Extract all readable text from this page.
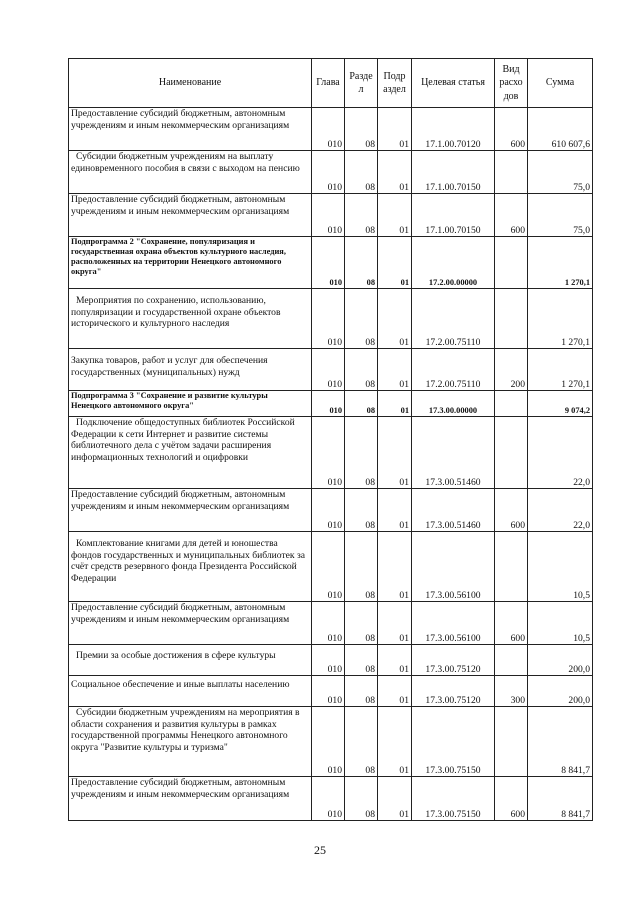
Наименование	Глава	Разде л	Подр аздел	Целевая статья	Вид расхо дов	Сумма
Предоставление субсидий бюджетным, автономным учреждениям и иным некоммерческим организациям	010	08	01	17.1.00.70120	600	610 607,6
Субсидии бюджетным учреждениям на выплату единовременного пособия в связи с выходом на пенсию	010	08	01	17.1.00.70150		75,0
Предоставление субсидий бюджетным, автономным учреждениям и иным некоммерческим организациям	010	08	01	17.1.00.70150	600	75,0
Подпрограмма 2 "Сохранение, популяризация и государственная охрана объектов культурного наследия, расположенных на территории Ненецкого автономного округа"	010	08	01	17.2.00.00000		1 270,1
Мероприятия по сохранению, использованию, популяризации и государственной охране объектов исторического и культурного наследия	010	08	01	17.2.00.75110		1 270,1
Закупка товаров, работ и услуг для обеспечения государственных (муниципальных) нужд	010	08	01	17.2.00.75110	200	1 270,1
Подпрограмма 3 "Сохранение и развитие культуры Ненецкого автономного округа"	010	08	01	17.3.00.00000		9 074,2
Подключение общедоступных библиотек Российской Федерации к сети Интернет и развитие системы библиотечного дела с учётом задачи расширения информационных технологий и оцифровки	010	08	01	17.3.00.51460		22,0
Предоставление субсидий бюджетным, автономным учреждениям и иным некоммерческим организациям	010	08	01	17.3.00.51460	600	22,0
Комплектование книгами для детей и юношества фондов государственных и муниципальных библиотек за счёт средств резервного фонда Президента Российской Федерации	010	08	01	17.3.00.56100		10,5
Предоставление субсидий бюджетным, автономным учреждениям и иным некоммерческим организациям	010	08	01	17.3.00.56100	600	10,5
Премии за особые достижения в сфере культуры	010	08	01	17.3.00.75120		200,0
Социальное обеспечение и иные выплаты населению	010	08	01	17.3.00.75120	300	200,0
Субсидии бюджетным учреждениям на мероприятия в области сохранения и развития культуры в рамках государственной программы Ненецкого автономного округа "Развитие культуры и туризма"	010	08	01	17.3.00.75150		8 841,7
Предоставление субсидий бюджетным, автономным учреждениям и иным некоммерческим организациям	010	08	01	17.3.00.75150	600	8 841,7
25
